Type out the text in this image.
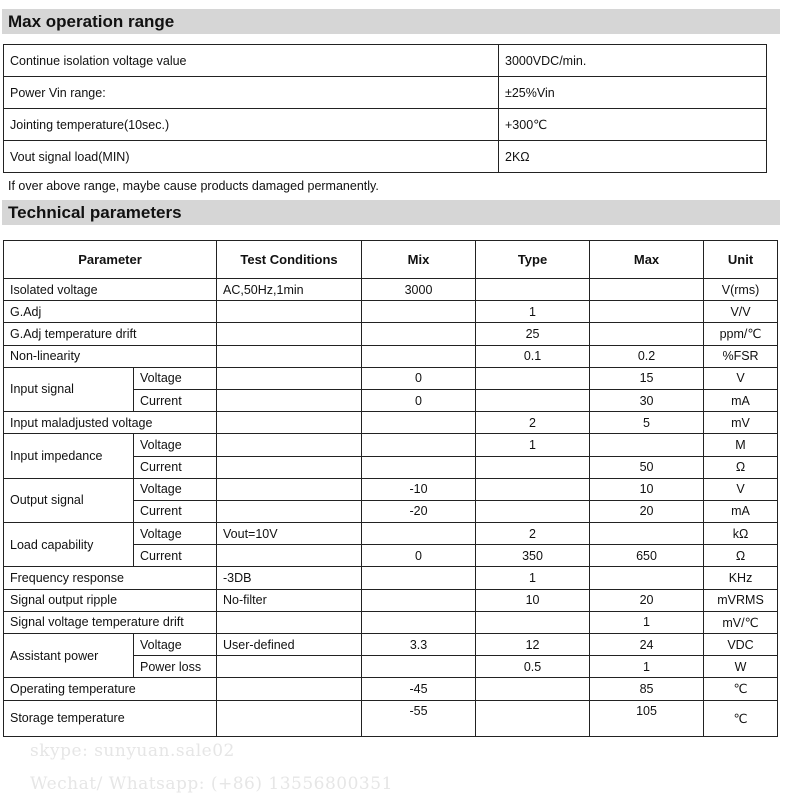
Max operation range
Continue isolation voltage value	3000VDC/min.
Power Vin range:	±25%Vin
Jointing temperature(10sec.)	+300℃
Vout signal load(MIN)	2KΩ
If over above range, maybe cause products damaged permanently.
Technical parameters
Parameter		Test Conditions	Mix	Type	Max	Unit
Isolated voltage		AC,50Hz,1min	3000			V(rms)
G.Adj				1		V/V
G.Adj temperature drift				25		ppm/℃
Non-linearity				0.1	0.2	%FSR
Input signal	Voltage		0		15	V
	Current		0		30	mA
Input maladjusted voltage				2	5	mV
Input impedance	Voltage			1		M
	Current				50	Ω
Output signal	Voltage		-10		10	V
	Current		-20		20	mA
Load capability	Voltage	Vout=10V		2		kΩ
	Current		0	350	650	Ω
Frequency response		-3DB		1		KHz
Signal output ripple		No-filter		10	20	mVRMS
Signal voltage temperature drift					1	mV/℃
Assistant power	Voltage	User-defined	3.3	12	24	VDC
	Power loss			0.5	1	W
Operating temperature			-45		85	℃
Storage temperature			-55		105	℃
skype: sunyuan.sale02
Wechat/ Whatsapp: (+86) 13556800351
